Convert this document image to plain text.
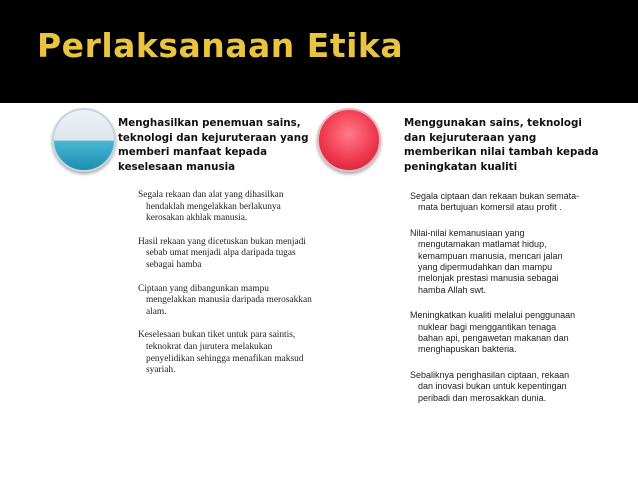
Perlaksanaan Etika
Menghasilkan penemuan sains, teknologi dan kejuruteraan yang memberi manfaat kepada keselesaan manusia
Segala rekaan dan alat yang dihasilkan hendaklah mengelakkan berlakunya kerosakan akhlak manusia.
Hasil rekaan yang dicetuskan bukan menjadi sebab umat menjadi alpa daripada tugas sebagai hamba
Ciptaan yang dibangunkan mampu mengelakkan manusia daripada merosakkan alam.
Keselesaan bukan tiket untuk para saintis, teknokrat dan jurutera melakukan penyelidikan sehingga menafikan maksud syariah.
Menggunakan sains, teknologi dan kejuruteraan yang memberikan nilai tambah kepada peningkatan kualiti
Segala ciptaan dan rekaan bukan semata-mata bertujuan komersil atau profit .
Nilai-nilai kemanusiaan yang mengutamakan matlamat hidup, kemampuan manusia, mencari jalan yang dipermudahkan dan mampu melonjak prestasi manusia sebagai hamba Allah swt.
Meningkatkan kualiti melalui penggunaan nuklear bagi menggantikan tenaga bahan api, pengawetan makanan dan menghapuskan bakteria.
Sebaliknya penghasilan ciptaan, rekaan dan inovasi bukan untuk kepentingan peribadi dan merosakkan dunia.
